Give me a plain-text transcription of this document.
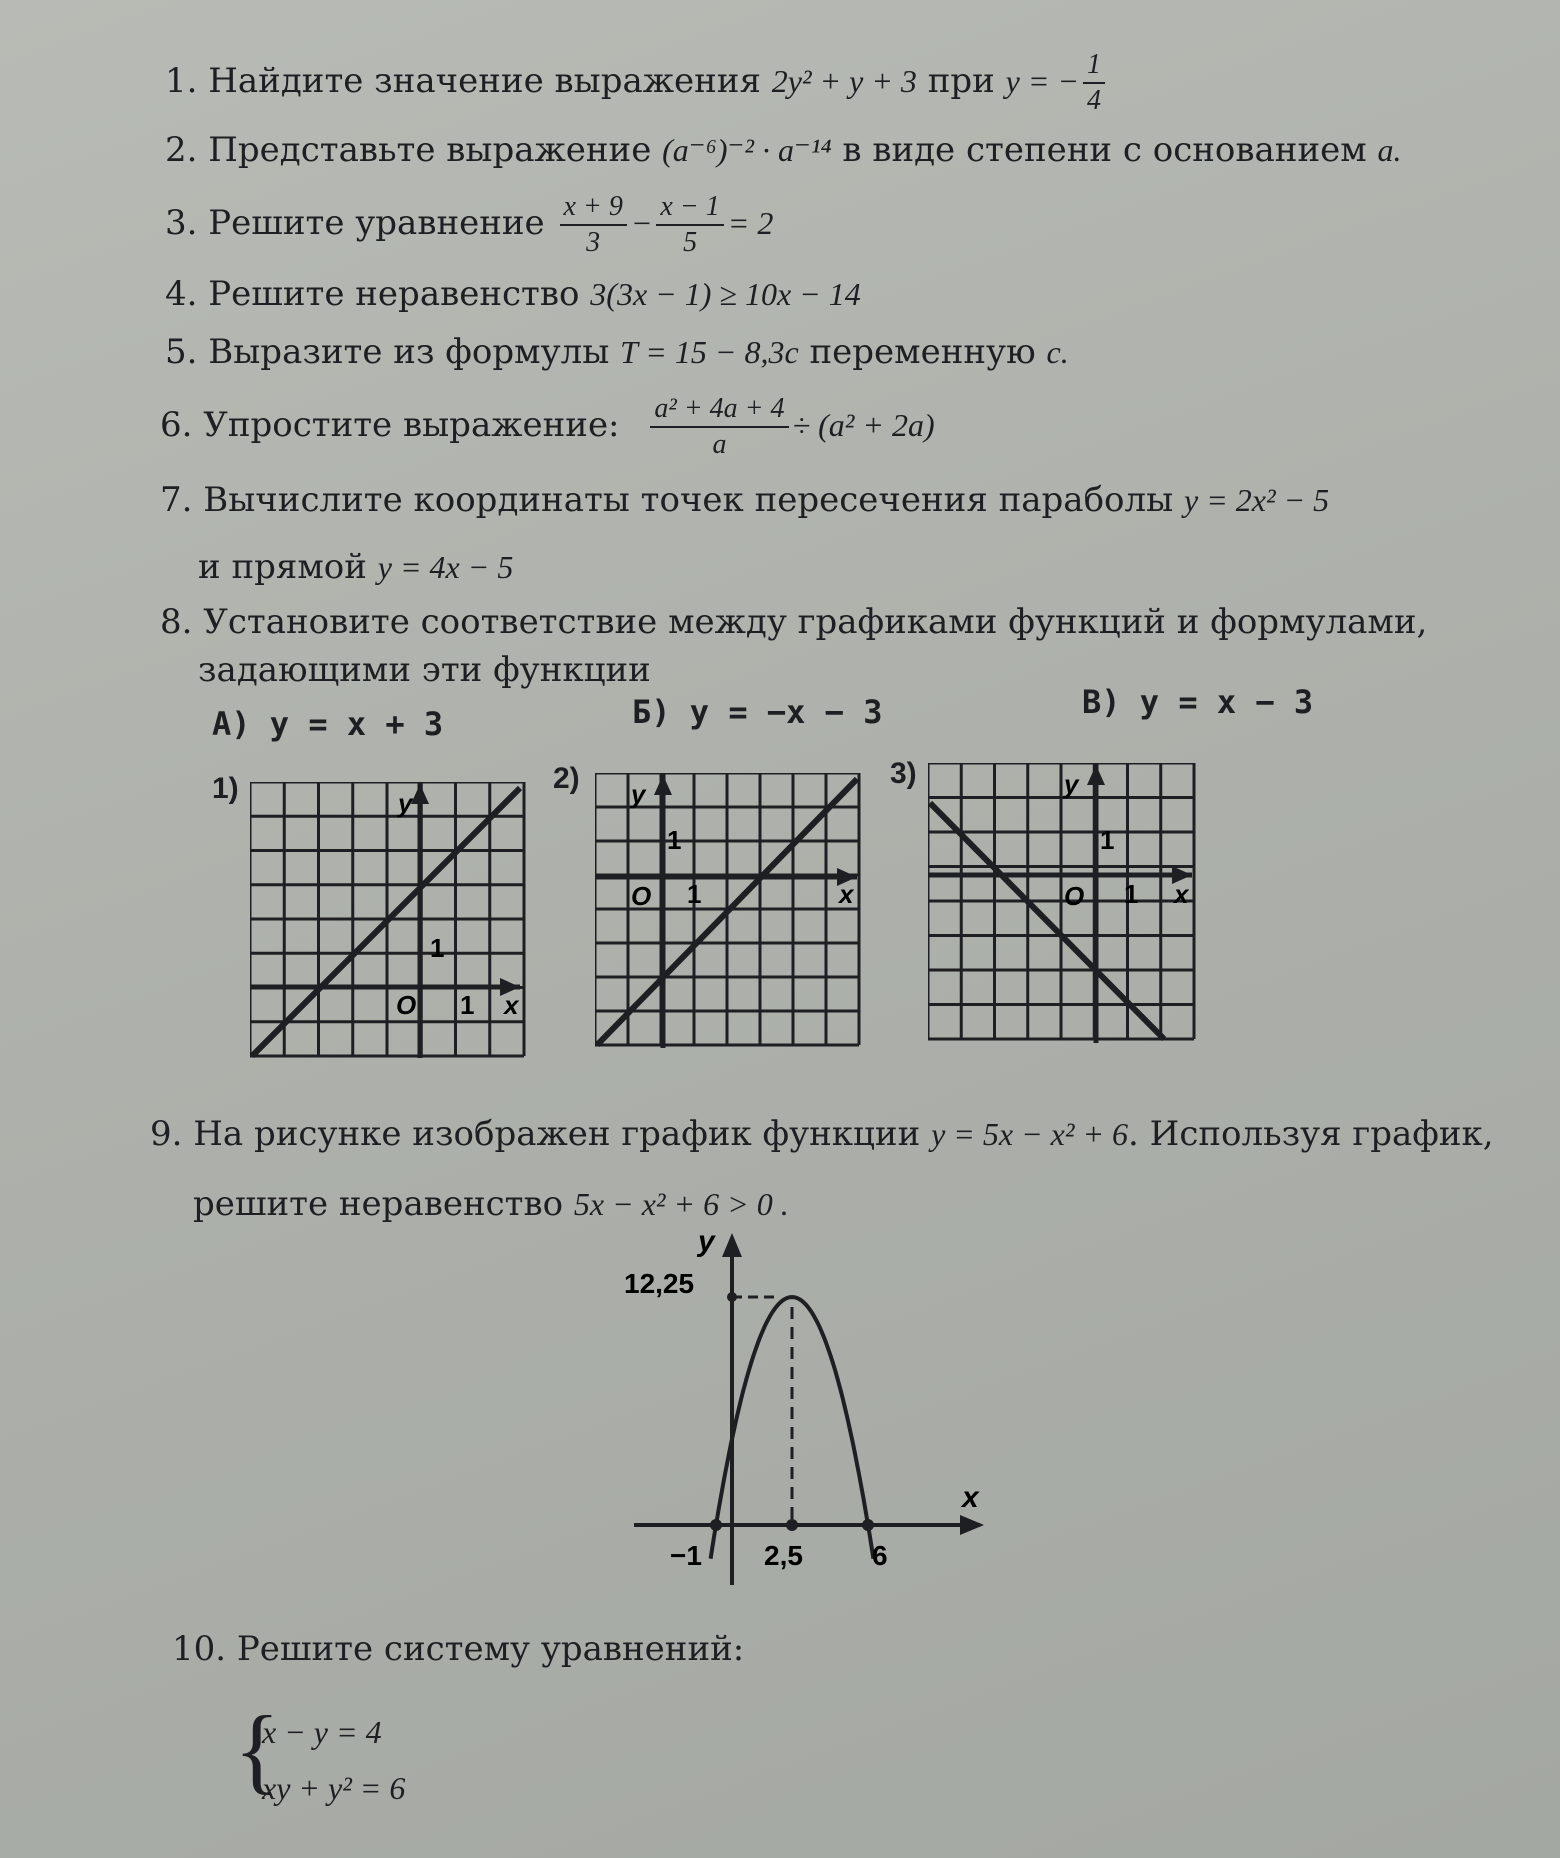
1. Найдите значение выражения 2y² + y + 3 при y = − $\frac{1}{4}$
2. Представьте выражение (a⁻⁶)⁻² · a⁻¹⁴ в виде степени с основанием a.
3. Решите уравнение $\frac{x + 9}{3} - \frac{x - 1}{5} = 2$
4. Решите неравенство 3(3x − 1) ≥ 10x − 14
5. Выразите из формулы T = 15 − 8,3c переменную c.
6. Упростите выражение: $\frac{\text{a² + 4a + 4}}{a} \div (a^2 + 2a)$
7. Вычислите координаты точек пересечения параболы y = 2x² − 5
и прямой y = 4x − 5
8. Установите соответствие между графиками функций и формулами,
задающими эти функции
А) y = x + 3	Б) y = −x − 3	В) y = x − 3
1)	2)	3)
y
x
O 1
1
y
x
O 1
1
y
x
O 1
1
9. На рисунке изображен график функции y = 5x − x² + 6. Используя график,
решите неравенство 5x − x² + 6 > 0 .
y
x
12,25
−1 2,5 6
10. Решите систему уравнений:
{
x − y = 4
xy + y² = 6
